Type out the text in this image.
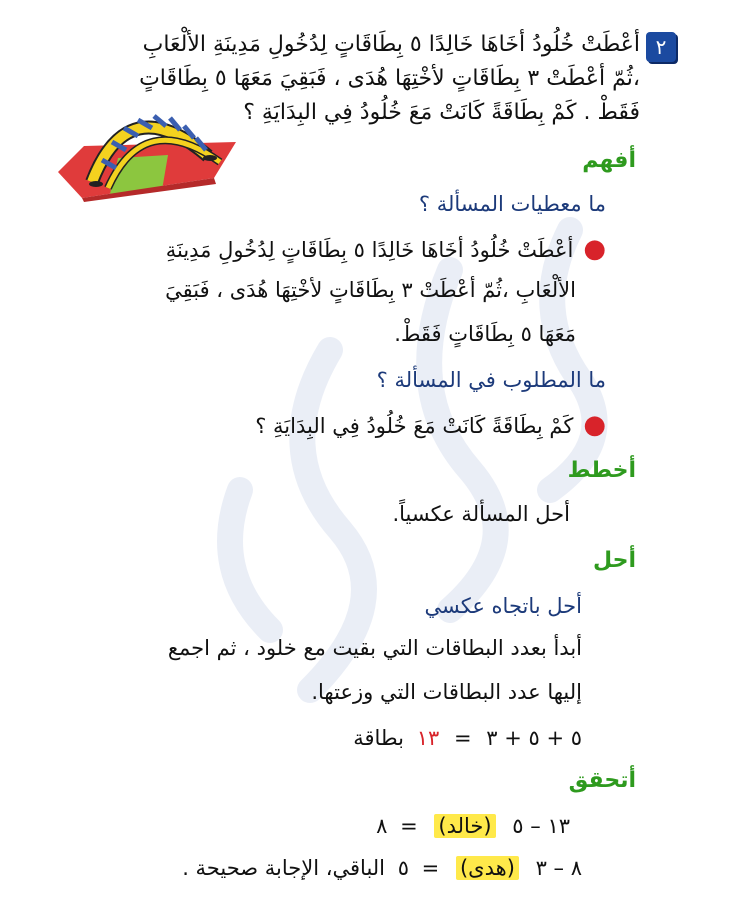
٢
أعْطَتْ خُلُودُ أخَاهَا خَالِدًا ٥ بِطَاقَاتٍ لِدُخُولِ مَدِينَةِ الألْعَابِ
،ثُمّ أعْطَتْ ٣ بِطَاقَاتٍ لأخْتِهَا هُدَى ، فَبَقِيَ مَعَهَا ٥ بِطَاقَاتٍ
فَقَطْ . كَمْ بِطَاقَةً كَانَتْ مَعَ خُلُودُ فِي البِدَايَةِ ؟
أفهم
ما معطيات المسألة ؟
●أعْطَتْ خُلُودُ أخَاهَا خَالِدًا ٥ بِطَاقَاتٍ لِدُخُولِ مَدِينَةِ
الألْعَابِ ،ثُمّ أعْطَتْ ٣ بِطَاقَاتٍ لأخْتِهَا هُدَى ، فَبَقِيَ
مَعَهَا ٥ بِطَاقَاتٍ فَقَطْ.
ما المطلوب في المسألة ؟
●كَمْ بِطَاقَةً كَانَتْ مَعَ خُلُودُ فِي البِدَايَةِ ؟
أخطط
أحل المسألة عكسياً.
أحل
أحل باتجاه عكسي
أبدأ بعدد البطاقات التي بقيت مع خلود ، ثم اجمع
إليها عدد البطاقات التي وزعتها.
٥ + ٥ + ٣ = ١٣ بطاقة
أتحقق
١٣ – ٥ (خالد) = ٨
٨ – ٣ (هدى) = ٥ الباقي، الإجابة صحيحة .
